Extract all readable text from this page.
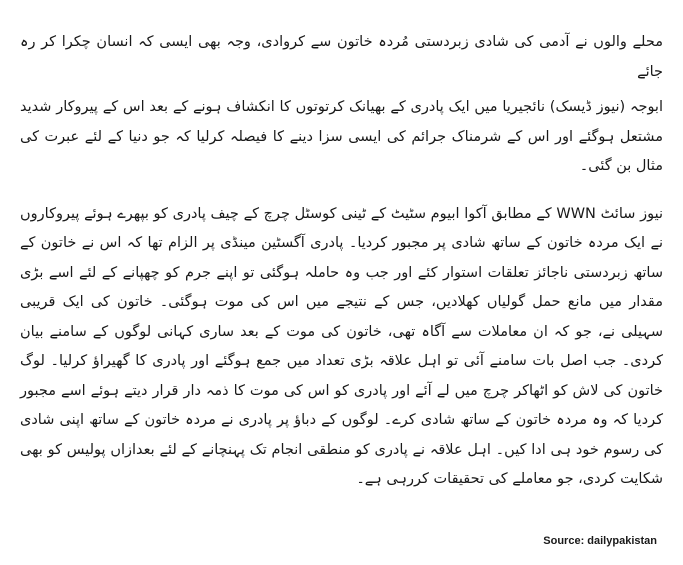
محلے والوں نے آدمی کی شادی زبردستی مُردہ خاتون سے کروادی، وجہ بھی ایسی کہ انسان چکرا کر رہ جائے

ابوجہ (نیوز ڈیسک) نائجیریا میں ایک پادری کے بھیانک کرتوتوں کا انکشاف ہونے کے بعد اس کے پیروکار شدید مشتعل ہوگئے اور اس کے شرمناک جرائم کی ایسی سزا دینے کا فیصلہ کرلیا کہ جو دنیا کے لئے عبرت کی مثال بن گئی۔

نیوز سائٹ WWN کے مطابق آکوا ابیوم سٹیٹ کے ٹینی کوسٹل چرچ کے چیف پادری کو بپھرے ہوئے پیروکاروں نے ایک مردہ خاتون کے ساتھ شادی پر مجبور کردیا۔ پادری آگسٹین مینڈی پر الزام تھا کہ اس نے خاتون کے ساتھ زبردستی ناجائز تعلقات استوار کئے اور جب وہ حاملہ ہوگئی تو اپنے جرم کو چھپانے کے لئے اسے بڑی مقدار میں مانع حمل گولیاں کھلادیں، جس کے نتیجے میں اس کی موت ہوگئی۔ خاتون کی ایک قریبی سہیلی نے، جو کہ ان معاملات سے آگاہ تھی، خاتون کی موت کے بعد ساری کہانی لوگوں کے سامنے بیان کردی۔ جب اصل بات سامنے آئی تو اہل علاقہ بڑی تعداد میں جمع ہوگئے اور پادری کا گھیراؤ کرلیا۔ لوگ خاتون کی لاش کو اٹھاکر چرچ میں لے آئے اور پادری کو اس کی موت کا ذمہ دار قرار دیتے ہوئے اسے مجبور کردیا کہ وہ مردہ خاتون کے ساتھ شادی کرے۔ لوگوں کے دباؤ پر پادری نے مردہ خاتون کے ساتھ اپنی شادی کی رسوم خود ہی ادا کیں۔ اہل علاقہ نے پادری کو منطقی انجام تک پہنچانے کے لئے بعدازاں پولیس کو بھی شکایت کردی، جو معاملے کی تحقیقات کررہی ہے۔

Source: dailypakistan
